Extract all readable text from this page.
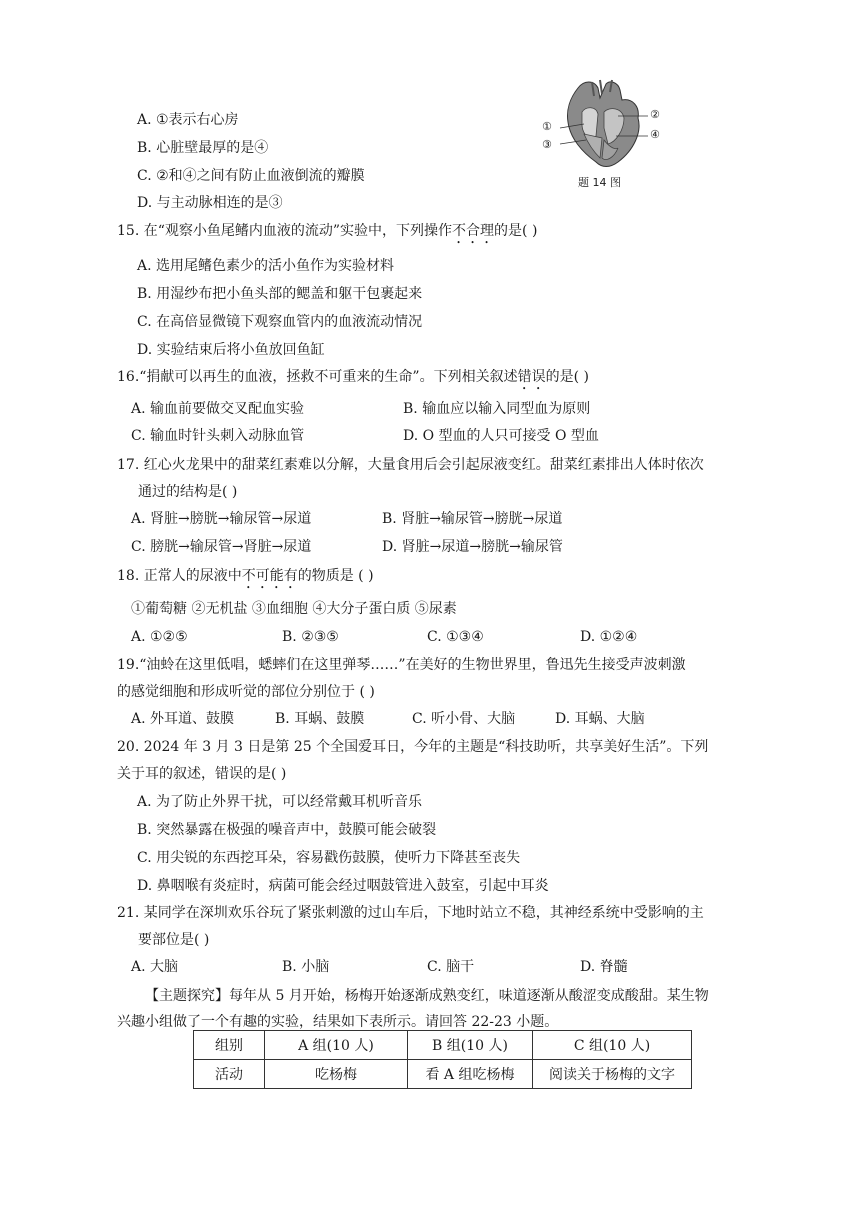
A. ①表示右心房
B. 心脏壁最厚的是④
C. ②和④之间有防止血液倒流的瓣膜
D. 与主动脉相连的是③
①
②
③
④
题 14 图
15. 在“观察小鱼尾鳍内血液的流动”实验中，下列操作不合理的是( )
A. 选用尾鳍色素少的活小鱼作为实验材料
B. 用湿纱布把小鱼头部的鳃盖和躯干包裹起来
C. 在高倍显微镜下观察血管内的血液流动情况
D. 实验结束后将小鱼放回鱼缸
16.“捐献可以再生的血液，拯救不可重来的生命”。下列相关叙述错误的是( )
A. 输血前要做交叉配血实验	B. 输血应以输入同型血为原则
C. 输血时针头刺入动脉血管	D. O 型血的人只可接受 O 型血
17. 红心火龙果中的甜菜红素难以分解，大量食用后会引起尿液变红。甜菜红素排出人体时依次
通过的结构是( )
A. 肾脏→膀胱→输尿管→尿道	B. 肾脏→输尿管→膀胱→尿道
C. 膀胱→输尿管→肾脏→尿道	D. 肾脏→尿道→膀胱→输尿管
18. 正常人的尿液中不可能有的物质是 ( )
①葡萄糖 ②无机盐 ③血细胞 ④大分子蛋白质 ⑤尿素
A. ①②⑤	B. ②③⑤	C. ①③④	D. ①②④
19.“油蛉在这里低唱，蟋蟀们在这里弹琴……”在美好的生物世界里，鲁迅先生接受声波刺激
的感觉细胞和形成听觉的部位分别位于 ( )
A. 外耳道、鼓膜	B. 耳蜗、鼓膜	C. 听小骨、大脑	D. 耳蜗、大脑
20. 2024 年 3 月 3 日是第 25 个全国爱耳日，今年的主题是“科技助听，共享美好生活”。下列
关于耳的叙述，错误的是( )
A. 为了防止外界干扰，可以经常戴耳机听音乐
B. 突然暴露在极强的噪音声中，鼓膜可能会破裂
C. 用尖锐的东西挖耳朵，容易戳伤鼓膜，使听力下降甚至丧失
D. 鼻咽喉有炎症时，病菌可能会经过咽鼓管进入鼓室，引起中耳炎
21. 某同学在深圳欢乐谷玩了紧张刺激的过山车后，下地时站立不稳，其神经系统中受影响的主
要部位是( )
A. 大脑	B. 小脑	C. 脑干	D. 脊髓
【主题探究】每年从 5 月开始，杨梅开始逐渐成熟变红，味道逐渐从酸涩变成酸甜。某生物
兴趣小组做了一个有趣的实验，结果如下表所示。请回答 22-23 小题。
组别	A 组(10 人)	B 组(10 人)	C 组(10 人)
活动	吃杨梅	看 A 组吃杨梅	阅读关于杨梅的文字
